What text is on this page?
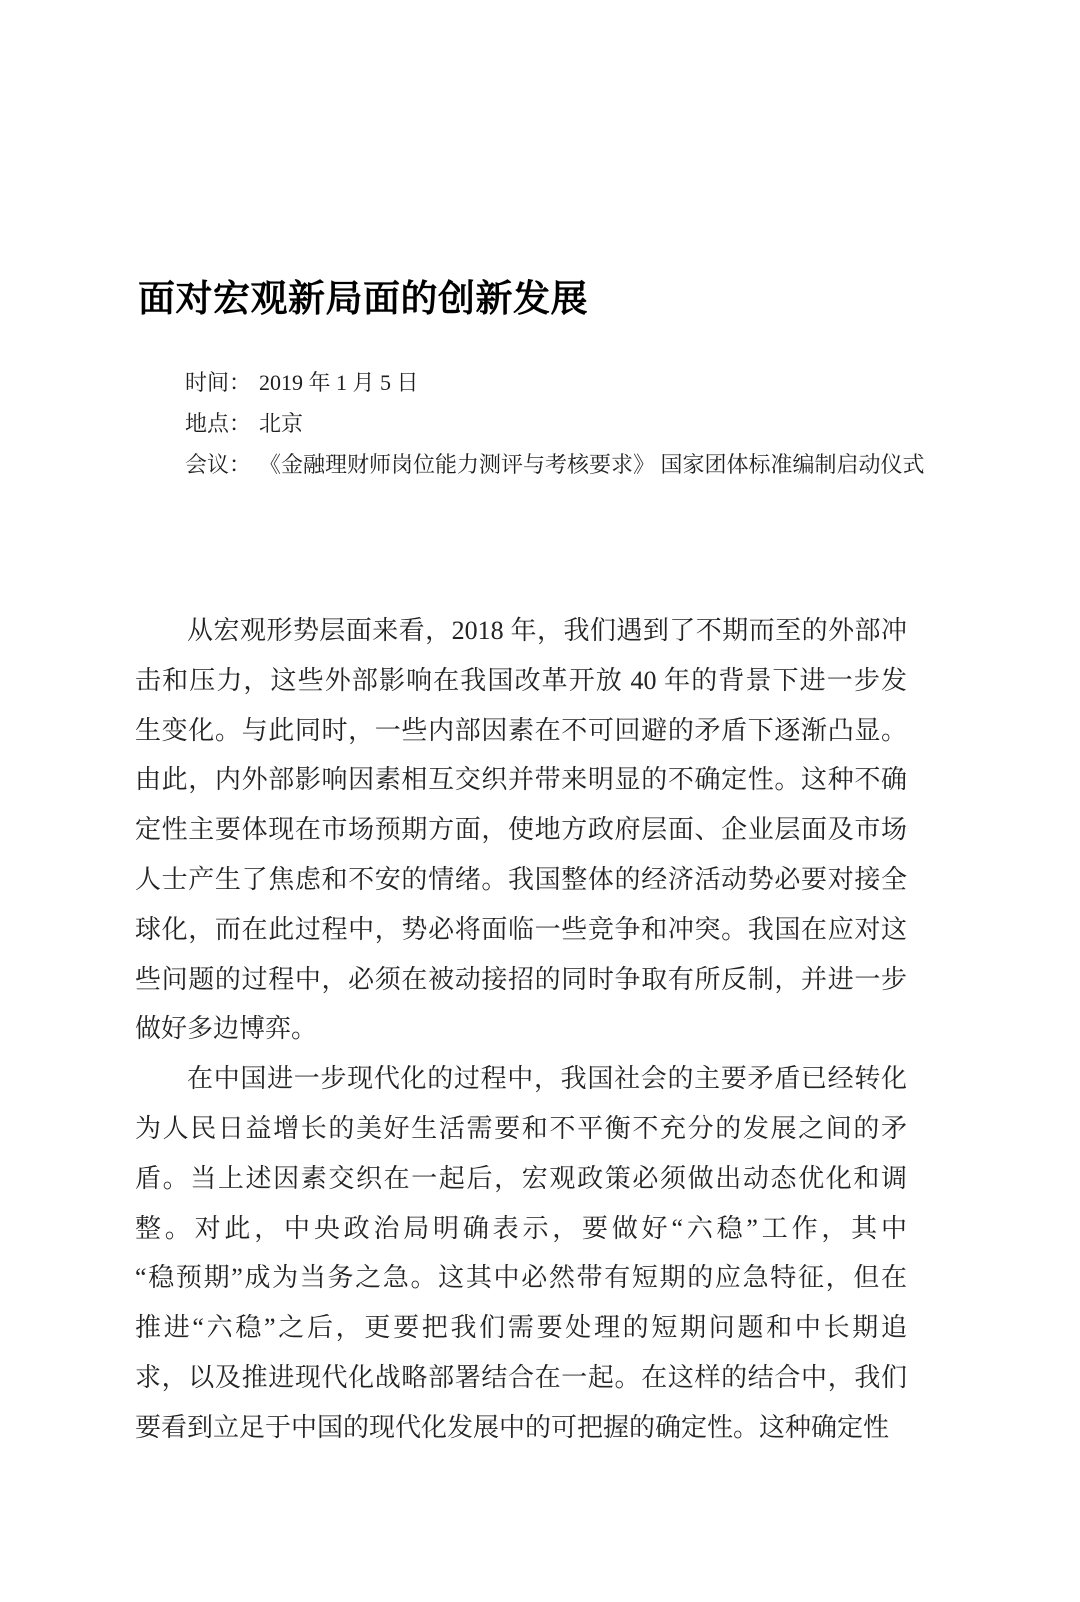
面对宏观新局面的创新发展
时间： 2019 年 1 月 5 日
地点： 北京
会议： 《金融理财师岗位能力测评与考核要求》 国家团体标准编制启动仪式
从宏观形势层面来看，2018 年，我们遇到了不期而至的外部冲
击和压力，这些外部影响在我国改革开放 40 年的背景下进一步发
生变化。与此同时，一些内部因素在不可回避的矛盾下逐渐凸显。
由此，内外部影响因素相互交织并带来明显的不确定性。这种不确
定性主要体现在市场预期方面，使地方政府层面、企业层面及市场
人士产生了焦虑和不安的情绪。我国整体的经济活动势必要对接全
球化，而在此过程中，势必将面临一些竞争和冲突。我国在应对这
些问题的过程中，必须在被动接招的同时争取有所反制，并进一步
做好多边博弈。
在中国进一步现代化的过程中，我国社会的主要矛盾已经转化
为人民日益增长的美好生活需要和不平衡不充分的发展之间的矛
盾。当上述因素交织在一起后，宏观政策必须做出动态优化和调
整。对此，中央政治局明确表示，要做好“六稳”工作，其中
“稳预期”成为当务之急。这其中必然带有短期的应急特征，但在
推进“六稳”之后，更要把我们需要处理的短期问题和中长期追
求，以及推进现代化战略部署结合在一起。在这样的结合中，我们
要看到立足于中国的现代化发展中的可把握的确定性。这种确定性
